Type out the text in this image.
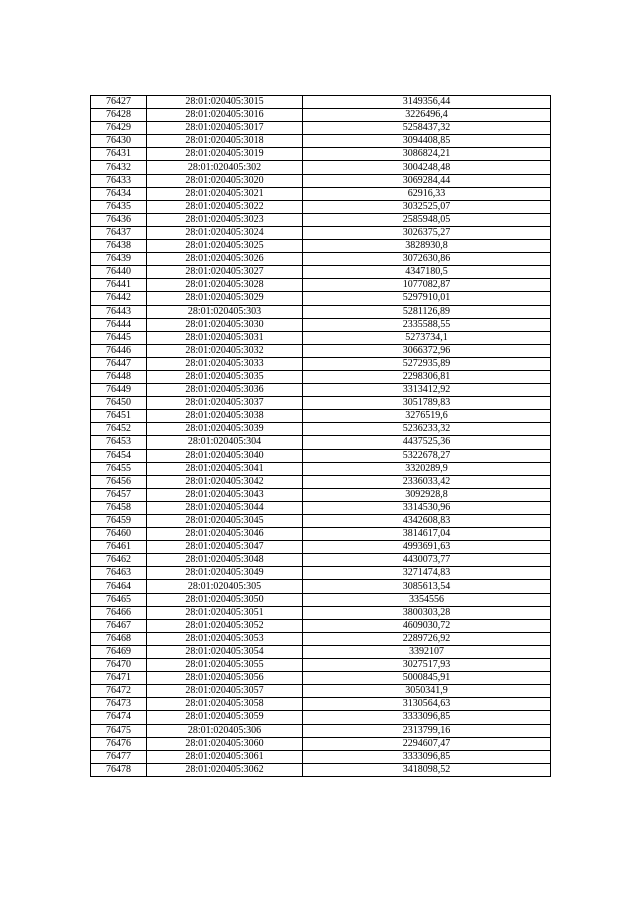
76427	28:01:020405:3015	3149356,44
76428	28:01:020405:3016	3226496,4
76429	28:01:020405:3017	5258437,32
76430	28:01:020405:3018	3094408,85
76431	28:01:020405:3019	3086824,21
76432	28:01:020405:302	3004248,48
76433	28:01:020405:3020	3069284,44
76434	28:01:020405:3021	62916,33
76435	28:01:020405:3022	3032525,07
76436	28:01:020405:3023	2585948,05
76437	28:01:020405:3024	3026375,27
76438	28:01:020405:3025	3828930,8
76439	28:01:020405:3026	3072630,86
76440	28:01:020405:3027	4347180,5
76441	28:01:020405:3028	1077082,87
76442	28:01:020405:3029	5297910,01
76443	28:01:020405:303	5281126,89
76444	28:01:020405:3030	2335588,55
76445	28:01:020405:3031	5273734,1
76446	28:01:020405:3032	3066372,96
76447	28:01:020405:3033	5272935,89
76448	28:01:020405:3035	2298306,81
76449	28:01:020405:3036	3313412,92
76450	28:01:020405:3037	3051789,83
76451	28:01:020405:3038	3276519,6
76452	28:01:020405:3039	5236233,32
76453	28:01:020405:304	4437525,36
76454	28:01:020405:3040	5322678,27
76455	28:01:020405:3041	3320289,9
76456	28:01:020405:3042	2336033,42
76457	28:01:020405:3043	3092928,8
76458	28:01:020405:3044	3314530,96
76459	28:01:020405:3045	4342608,83
76460	28:01:020405:3046	3814617,04
76461	28:01:020405:3047	4993691,63
76462	28:01:020405:3048	4430073,77
76463	28:01:020405:3049	3271474,83
76464	28:01:020405:305	3085613,54
76465	28:01:020405:3050	3354556
76466	28:01:020405:3051	3800303,28
76467	28:01:020405:3052	4609030,72
76468	28:01:020405:3053	2289726,92
76469	28:01:020405:3054	3392107
76470	28:01:020405:3055	3027517,93
76471	28:01:020405:3056	5000845,91
76472	28:01:020405:3057	3050341,9
76473	28:01:020405:3058	3130564,63
76474	28:01:020405:3059	3333096,85
76475	28:01:020405:306	2313799,16
76476	28:01:020405:3060	2294607,47
76477	28:01:020405:3061	3333096,85
76478	28:01:020405:3062	3418098,52
